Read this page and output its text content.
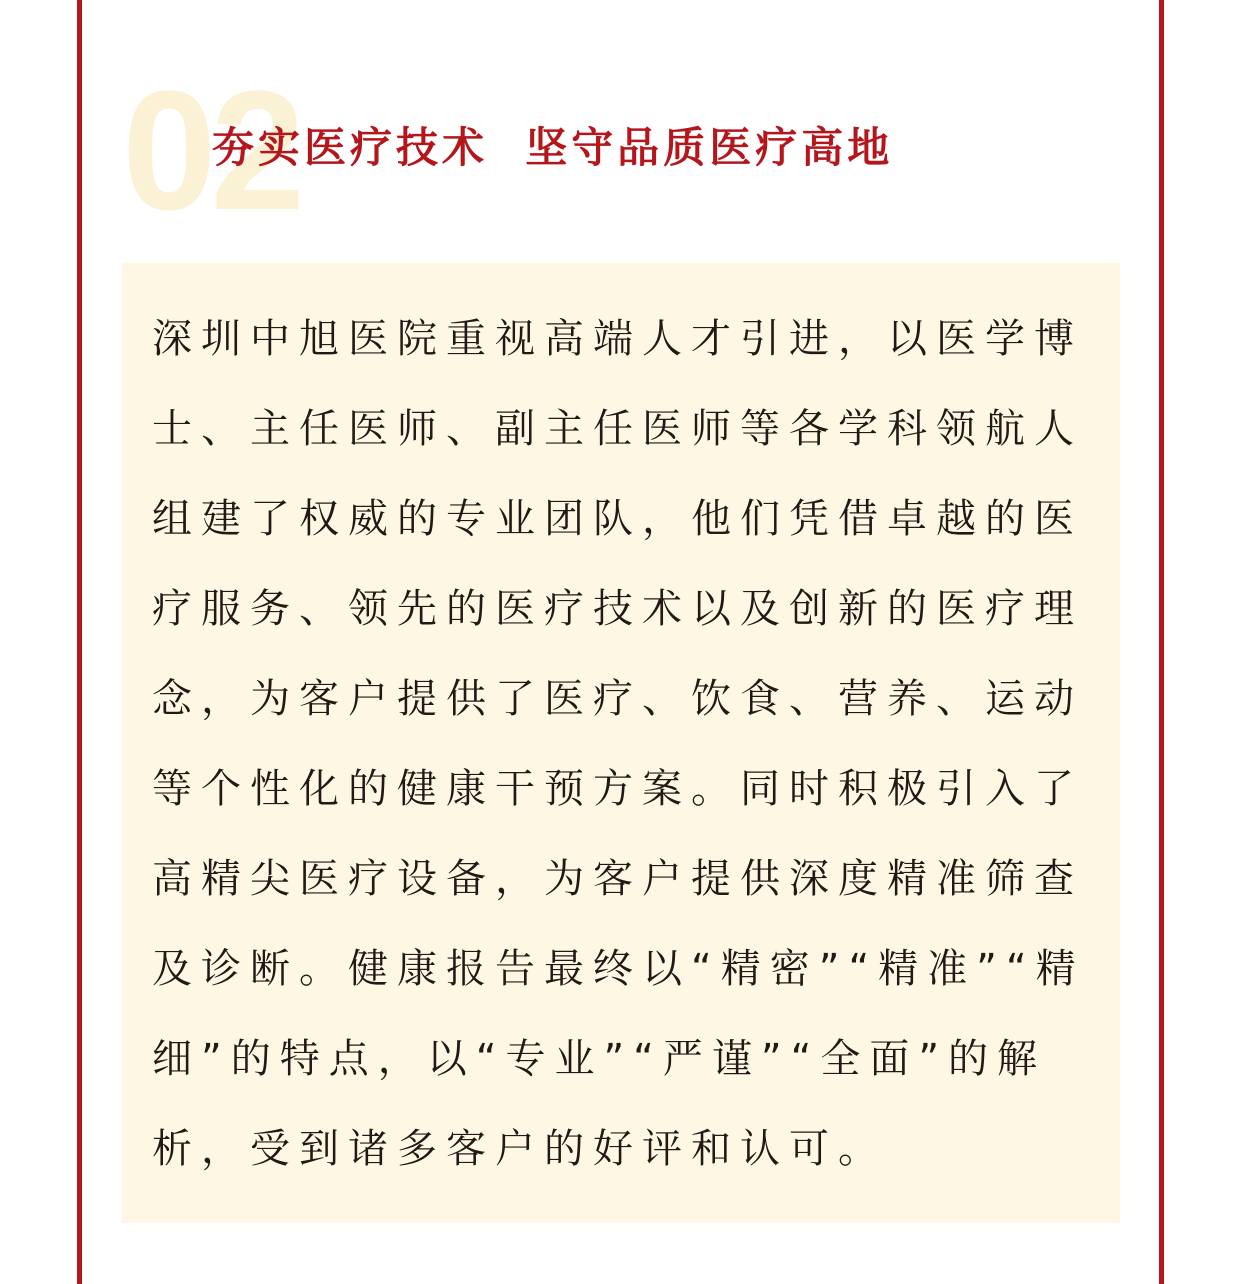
02
夯实医疗技术  坚守品质医疗高地
深圳中旭医院重视高端人才引进，以医学博
士、主任医师、副主任医师等各学科领航人
组建了权威的专业团队，他们凭借卓越的医
疗服务、领先的医疗技术以及创新的医疗理
念，为客户提供了医疗、饮食、营养、运动
等个性化的健康干预方案。同时积极引入了
高精尖医疗设备，为客户提供深度精准筛查
及诊断。健康报告最终以“精密”“精准”“精
细”的特点，以“专业”“严谨”“全面”的解
析，受到诸多客户的好评和认可。
